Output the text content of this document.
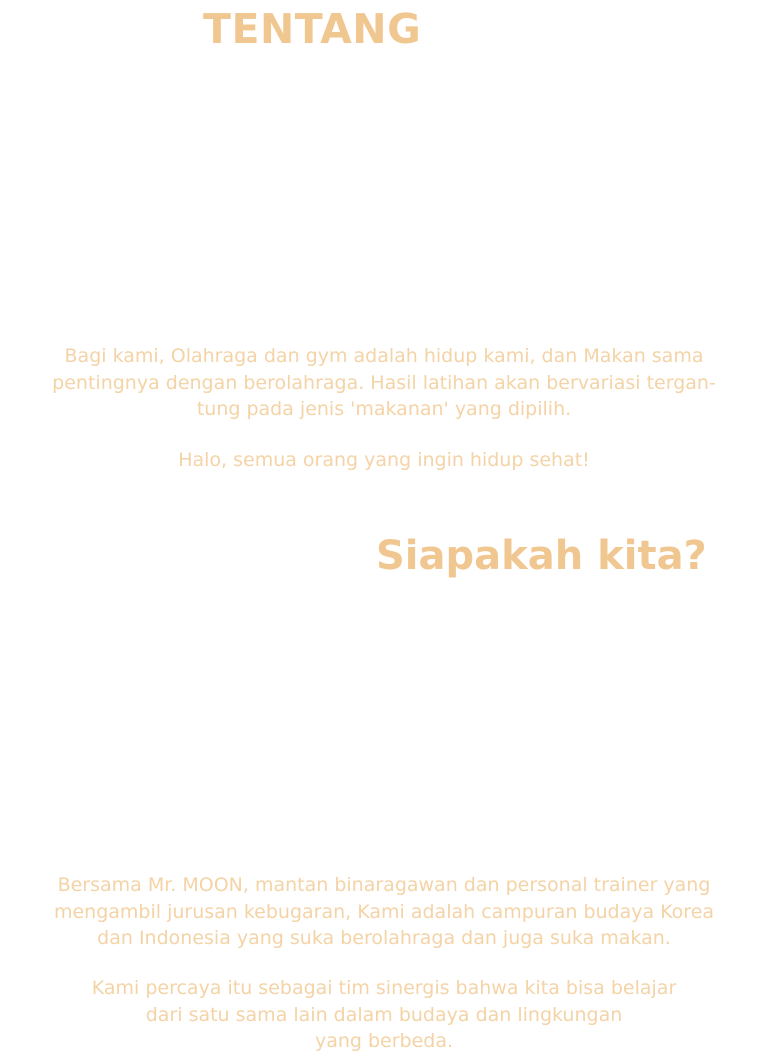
TENTANG

Bagi kami, Olahraga dan gym adalah hidup kami, dan Makan sama
pentingnya dengan berolahraga. Hasil latihan akan bervariasi tergan-
tung pada jenis 'makanan' yang dipilih.

Halo, semua orang yang ingin hidup sehat!

Siapakah kita?

Bersama Mr. MOON, mantan binaragawan dan personal trainer yang
mengambil jurusan kebugaran, Kami adalah campuran budaya Korea
dan Indonesia yang suka berolahraga dan juga suka makan.

Kami percaya itu sebagai tim sinergis bahwa kita bisa belajar
dari satu sama lain dalam budaya dan lingkungan
yang berbeda.
